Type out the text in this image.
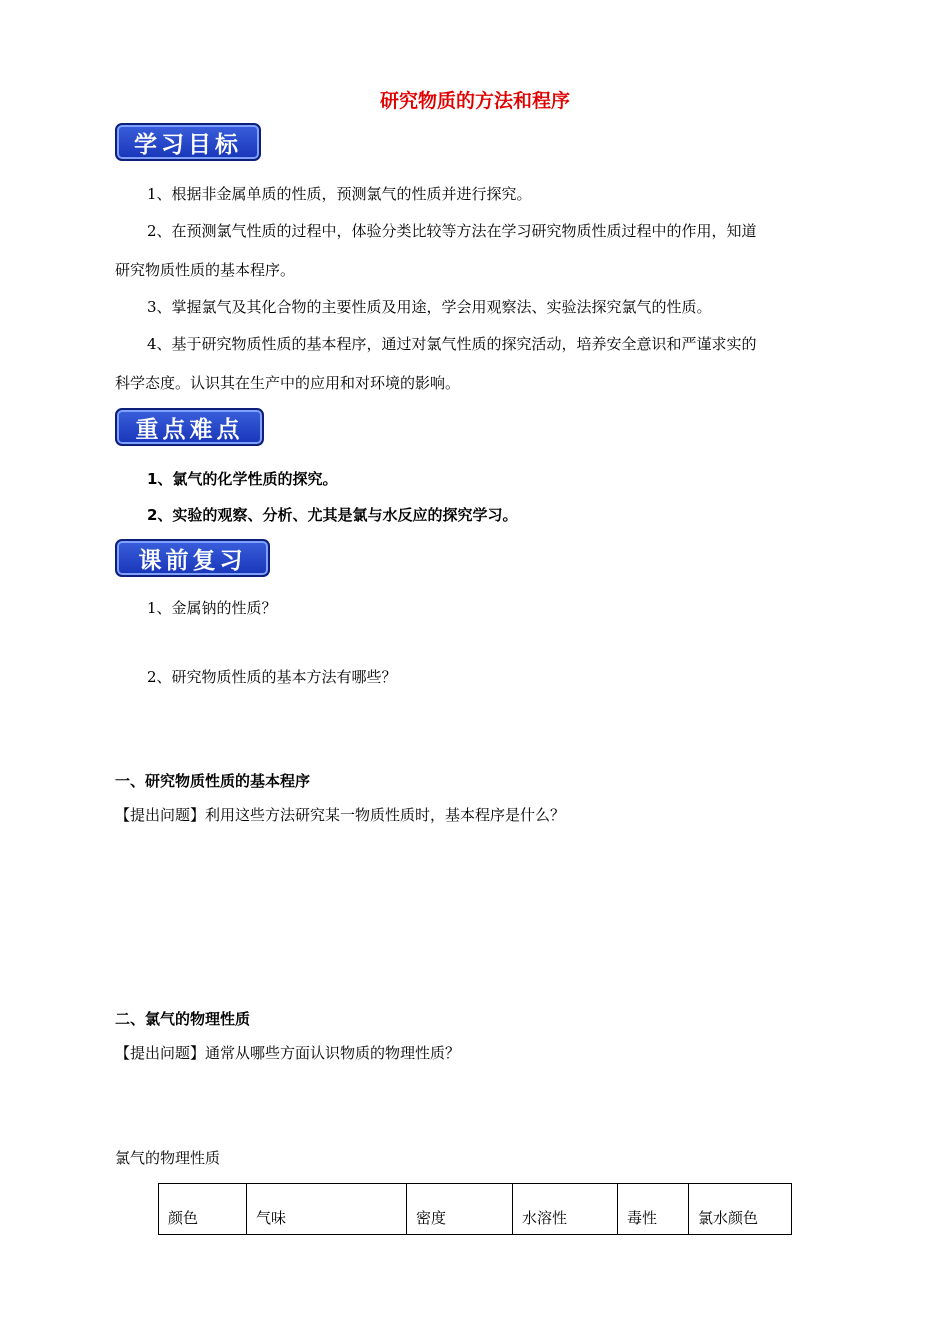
研究物质的方法和程序
学习目标
1、根据非金属单质的性质，预测氯气的性质并进行探究。
2、在预测氯气性质的过程中，体验分类比较等方法在学习研究物质性质过程中的作用，知道
研究物质性质的基本程序。
3、掌握氯气及其化合物的主要性质及用途，学会用观察法、实验法探究氯气的性质。
4、基于研究物质性质的基本程序，通过对氯气性质的探究活动，培养安全意识和严谨求实的
科学态度。认识其在生产中的应用和对环境的影响。
重点难点
1、氯气的化学性质的探究。
2、实验的观察、分析、尤其是氯与水反应的探究学习。
课前复习
1、金属钠的性质？
2、研究物质性质的基本方法有哪些？
一、研究物质性质的基本程序
【提出问题】利用这些方法研究某一物质性质时，基本程序是什么？
二、氯气的物理性质
【提出问题】通常从哪些方面认识物质的物理性质？
氯气的物理性质
颜色	气味	密度	水溶性	毒性	氯水颜色
